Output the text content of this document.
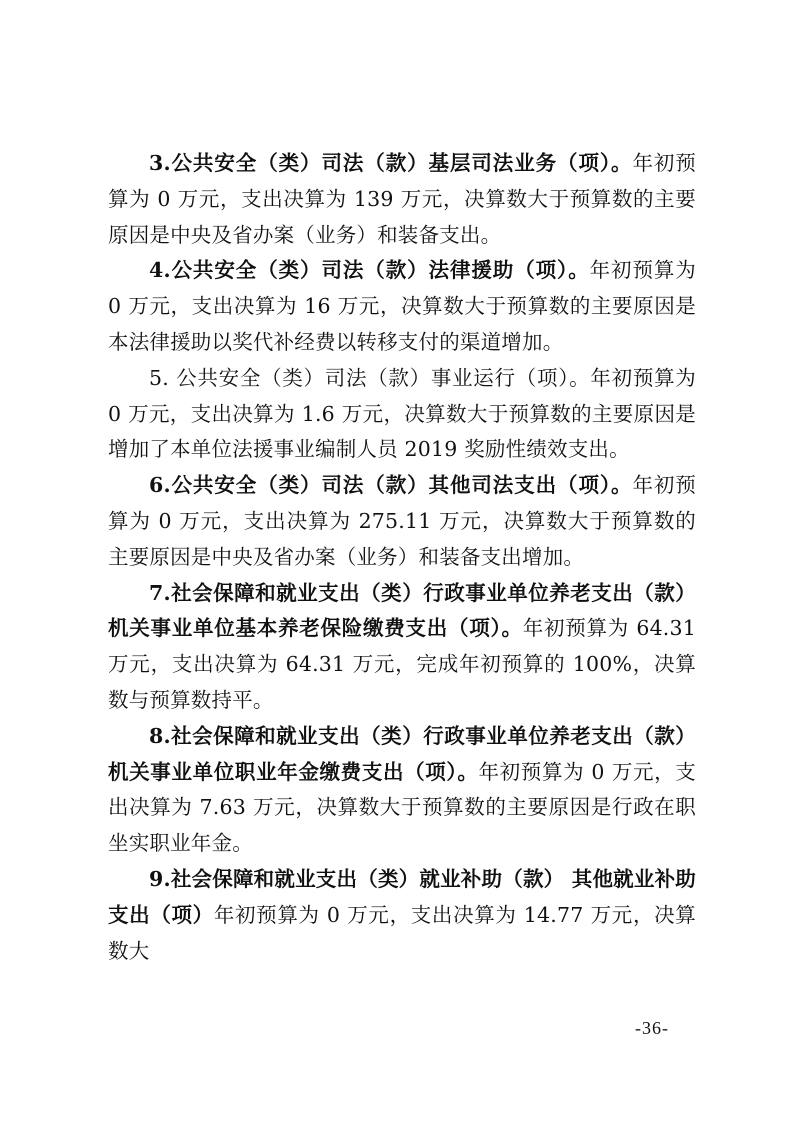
3.公共安全（类）司法（款）基层司法业务（项）。年初预算为 0 万元，支出决算为 139 万元，决算数大于预算数的主要原因是中央及省办案（业务）和装备支出。

4.公共安全（类）司法（款）法律援助（项）。年初预算为 0 万元，支出决算为 16 万元，决算数大于预算数的主要原因是本法律援助以奖代补经费以转移支付的渠道增加。

5. 公共安全（类）司法（款）事业运行（项）。年初预算为 0 万元，支出决算为 1.6 万元，决算数大于预算数的主要原因是增加了本单位法援事业编制人员 2019 奖励性绩效支出。

6.公共安全（类）司法（款）其他司法支出（项）。年初预算为 0 万元，支出决算为 275.11 万元，决算数大于预算数的主要原因是中央及省办案（业务）和装备支出增加。

7.社会保障和就业支出（类）行政事业单位养老支出（款）机关事业单位基本养老保险缴费支出（项）。年初预算为 64.31 万元，支出决算为 64.31 万元，完成年初预算的 100%，决算数与预算数持平。

8.社会保障和就业支出（类）行政事业单位养老支出（款）机关事业单位职业年金缴费支出（项）。年初预算为 0 万元，支出决算为 7.63 万元，决算数大于预算数的主要原因是行政在职坐实职业年金。

9.社会保障和就业支出（类）就业补助（款） 其他就业补助支出（项）年初预算为 0 万元，支出决算为 14.77 万元，决算数大

-36-
